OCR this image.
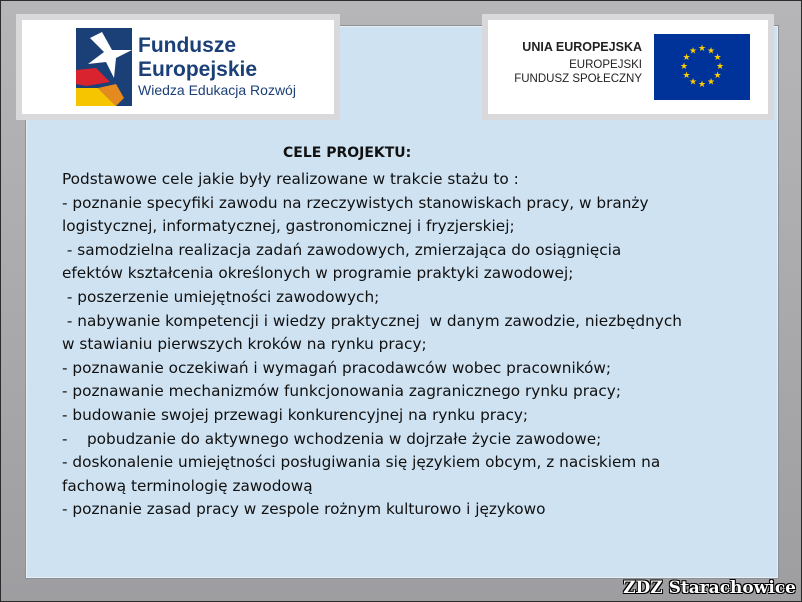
Fundusze
Europejskie
Wiedza Edukacja Rozwój
UNIA EUROPEJSKA
EUROPEJSKI
FUNDUSZ SPOŁECZNY
★ ★
★
★
★
★
★
★
★
★
★
★
CELE PROJEKTU:
Podstawowe cele jakie były realizowane w trakcie stażu to :
- poznanie specyfiki zawodu na rzeczywistych stanowiskach pracy, w branży
logistycznej, informatycznej, gastronomicznej i fryzjerskiej;
- samodzielna realizacja zadań zawodowych, zmierzająca do osiągnięcia
efektów kształcenia określonych w programie praktyki zawodowej;
- poszerzenie umiejętności zawodowych;
- nabywanie kompetencji i wiedzy praktycznej  w danym zawodzie, niezbędnych
w stawianiu pierwszych kroków na rynku pracy;
- poznawanie oczekiwań i wymagań pracodawców wobec pracowników;
- poznawanie mechanizmów funkcjonowania zagranicznego rynku pracy;
- budowanie swojej przewagi konkurencyjnej na rynku pracy;
-    pobudzanie do aktywnego wchodzenia w dojrzałe życie zawodowe;
- doskonalenie umiejętności posługiwania się językiem obcym, z naciskiem na
fachową terminologię zawodową
- poznanie zasad pracy w zespole rożnym kulturowo i językowo
ZDZ Starachowice
